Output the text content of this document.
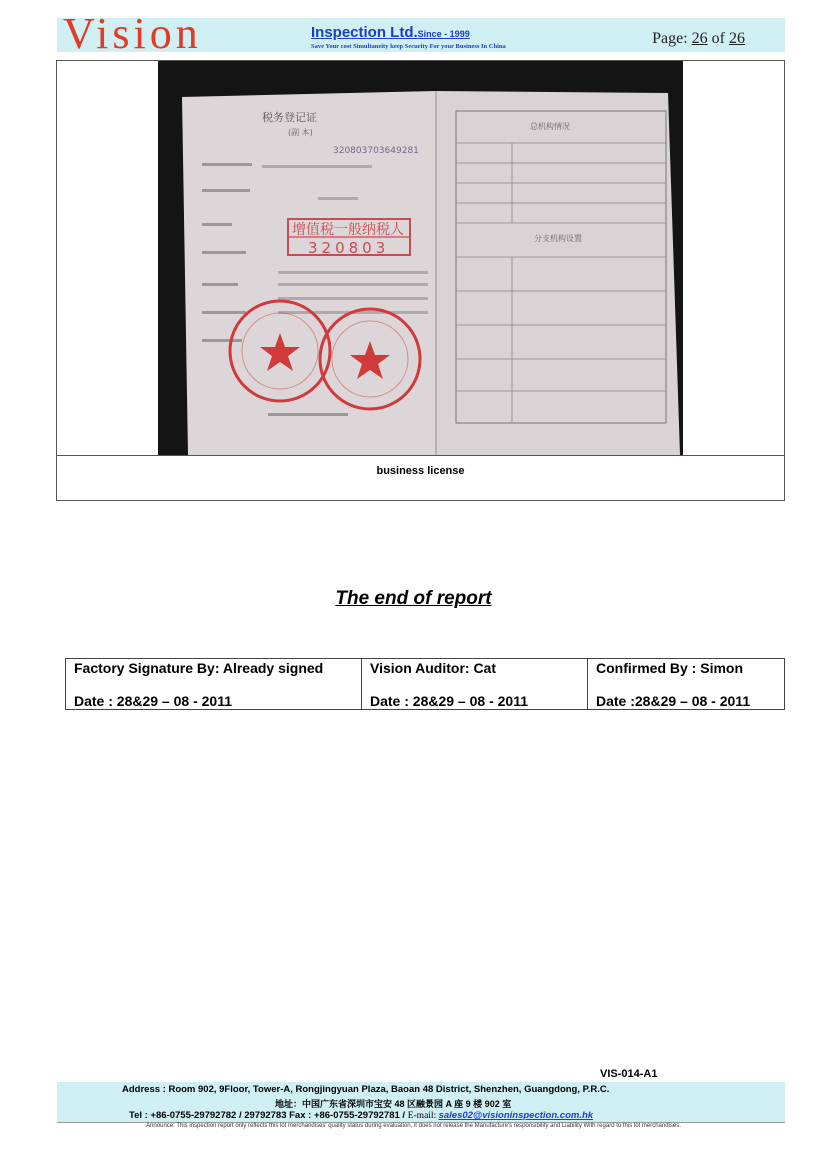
Vision	Inspection Ltd.Since - 1999
Save Your cost Simultaneity keep Security For your Business In China	Page: 26 of 26
税务登记证
(副 本)
320803703649281
增值税一般纳税人
320803
总机构情况
分支机构设置
business license
The end of report
Factory Signature By: Already signed
Date : 28&29 – 08 - 2011
Vision Auditor: Cat
Date : 28&29 – 08 - 2011
Confirmed By : Simon
Date :28&29 – 08 - 2011
VIS-014-A1
Address : Room 902, 9Floor, Tower-A, Rongjingyuan Plaza, Baoan 48 District, Shenzhen, Guangdong, P.R.C.
地址：中国广东省深圳市宝安 48 区融景园 A 座 9 楼 902 室
Tel : +86-0755-29792782 / 29792783 Fax : +86-0755-29792781 / E-mail: sales02@visioninspection.com.hk
Announce: This inspection report only reflects this lot merchandises' quality status during evaluation, it does not release the Manufacture's responsibility and Liability With regard to this lot merchandises.
